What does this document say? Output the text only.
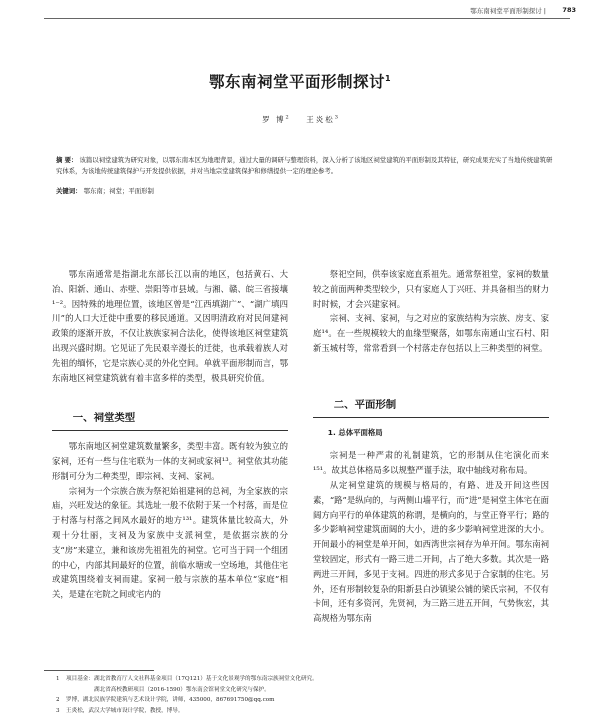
鄂东南祠堂平面形制探讨 |	783
鄂东南祠堂平面形制探讨$^1$
罗 博$^2$ 王炎松$^3$
摘 要： 该篇以祠堂建筑为研究对象，以鄂东南本区为地理背景，通过大量的调研与整理资料，深入分析了该地区祠堂建筑的平面形制及其特征，研究成果充实了当地传统建筑研究体系，为该地传统建筑保护与开发提供依据，并对当地宗堂建筑保护和修缮提供一定的理论参考。
关键词： 鄂东南；祠堂；平面形制

鄂东南通常是指湖北东部长江以南的地区，包括黄石、大冶、阳新、通山、赤壁、崇阳等市县域。与湘、赣、皖三省接壤¹⁻²。因特殊的地理位置，该地区曾是“江西填湖广”、“湖广填四川”的人口大迁徙中重要的移民通道。又因明清政府对民间建祠政策的逐渐开放，不仅让族族家祠合法化，使得该地区祠堂建筑出现兴盛时期。它见证了先民艰辛漫长的迁徙，也承载着族人对先祖的缅怀，它是宗族心灵的外化空间。单就平面形制而言，鄂东南地区祠堂建筑就有着丰富多样的类型，极具研究价值。

一、祠堂类型

鄂东南地区祠堂建筑数量繁多，类型丰富。既有较为独立的家祠，还有一些与住宅联为一体的支祠或家祠¹³。祠堂依其功能形制可分为二种类型，即宗祠、支祠、家祠。

宗祠为一个宗族合族为祭祀始祖建祠的总祠，为全家族的宗庙，兴旺发达的象征。其选址一般不依附于某一个村落，而是位于村落与村落之间风水最好的地方¹³¹。建筑体量比较高大，外观十分壮丽，支祠及为家族中支派祠堂，是依据宗族的分支“房”来建立，兼和该房先祖祖先的祠堂。它可当于同一个组团的中心，内部其间最好的位置，前临水塘或一空场地，其他住宅或建筑围绕着支祠而建。家祠一般与宗族的基本单位“家庭”相关，是建在宅院之间或宅内的

祭祀空间，供奉该家庭直系祖先。通常祭祖堂，家祠的数量较之前面两种类型较少，只有家庭人丁兴旺、并具备相当的财力时时候，才会兴建家祠。

宗祠、支祠、家祠，与之对应的家族结构为宗族、房支、家庭¹⁴。在一些规模较大的血缘型聚落，如鄂东南通山宝石村、阳新玉城村等，常常看到一个村落走存包括以上三种类型的祠堂。

二、平面形制

1. 总体平面格局

宗祠是一种严肃的礼制建筑，它的形制从住宅演化而来¹⁵¹。故其总体格局多以规整严谨手法，取中轴线对称布局。

从定祠堂建筑的规模与格局的，有路、进及开间这些因素，“路”是纵向的，与两侧山墙平行，而“进”是祠堂主体宅在面阔方向平行的单体建筑的称谓，是横向的，与堂正脊平行；路的多少影响祠堂建筑面阔的大小，进的多少影响祠堂进深的大小。开间最小的祠堂是单开间，如西湾世宗祠存为单开间。鄂东南祠堂较固定，形式有一路三进二开间，占了绝大多数。其次是一路两进三开间，多见于支祠。四进的形式多见于合家制的住宅。另外，还有形制较复杂的阳新县白沙镇梁公铺的梁氏宗祠，不仅有卡间，还有多资河，先贤祠，为三路三进五开间，气势恢宏，其高规格为鄂东南

1 项目基金：湖北省教育厅人文社科基金项目（17Q121）基于文化景观学的鄂东南宗族祠堂文化研究。
湖北省高校教研项目（2016-1590）鄂东南会馆祠堂文化研究与保护。
2 罗博，湖北民族学院建筑与艺术设计学院，讲师，435000，867691750@qq.com
3 王炎松，武汉大学城市设计学院，教授，博导。
